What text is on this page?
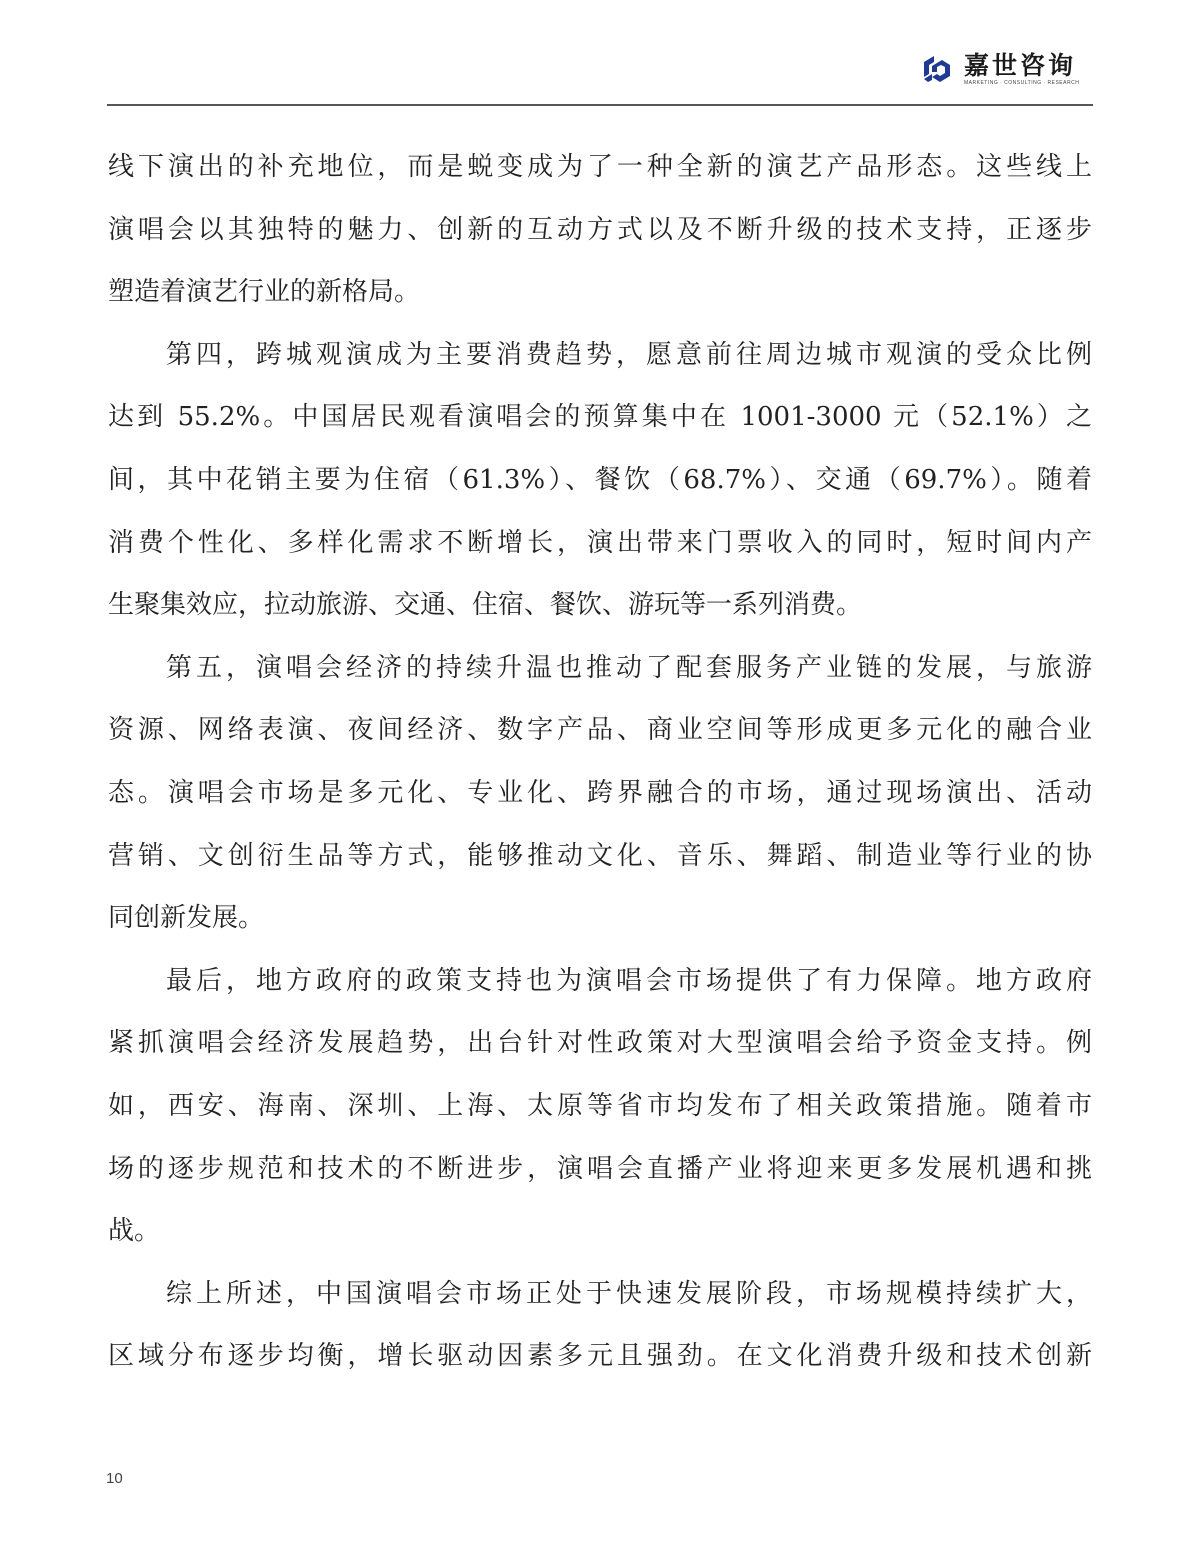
嘉世咨询
MARKETING · CONSULTING · RESEARCH
线下演出的补充地位，而是蜕变成为了一种全新的演艺产品形态。这些线上
演唱会以其独特的魅力、创新的互动方式以及不断升级的技术支持，正逐步
塑造着演艺行业的新格局。
第四，跨城观演成为主要消费趋势，愿意前往周边城市观演的受众比例
达到 55.2%。中国居民观看演唱会的预算集中在 1001-3000 元（52.1%）之
间，其中花销主要为住宿（61.3%）、餐饮（68.7%）、交通（69.7%）。随着
消费个性化、多样化需求不断增长，演出带来门票收入的同时，短时间内产
生聚集效应，拉动旅游、交通、住宿、餐饮、游玩等一系列消费。
第五，演唱会经济的持续升温也推动了配套服务产业链的发展，与旅游
资源、网络表演、夜间经济、数字产品、商业空间等形成更多元化的融合业
态。演唱会市场是多元化、专业化、跨界融合的市场，通过现场演出、活动
营销、文创衍生品等方式，能够推动文化、音乐、舞蹈、制造业等行业的协
同创新发展。
最后，地方政府的政策支持也为演唱会市场提供了有力保障。地方政府
紧抓演唱会经济发展趋势，出台针对性政策对大型演唱会给予资金支持。例
如，西安、海南、深圳、上海、太原等省市均发布了相关政策措施。随着市
场的逐步规范和技术的不断进步，演唱会直播产业将迎来更多发展机遇和挑
战。
综上所述，中国演唱会市场正处于快速发展阶段，市场规模持续扩大，
区域分布逐步均衡，增长驱动因素多元且强劲。在文化消费升级和技术创新
10
